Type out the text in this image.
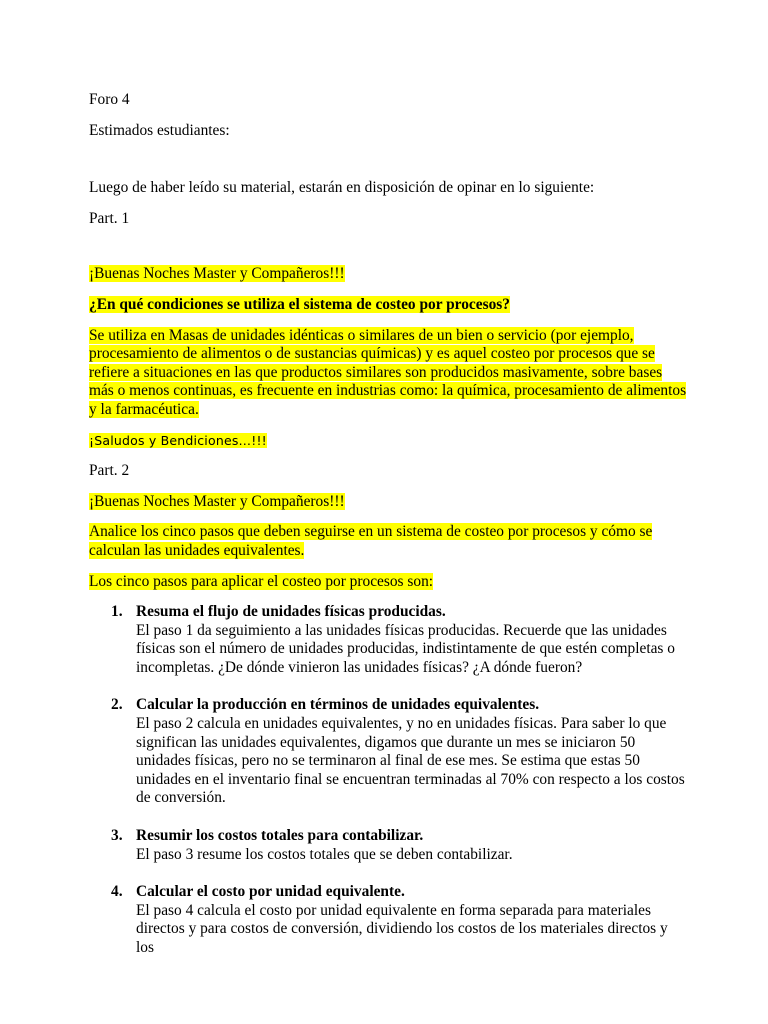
Foro 4

Estimados estudiantes:

Luego de haber leído su material, estarán en disposición de opinar en lo siguiente:

Part. 1

¡Buenas Noches Master y Compañeros!!!

¿En qué condiciones se utiliza el sistema de costeo por procesos?

Se utiliza en Masas de unidades idénticas o similares de un bien o servicio (por ejemplo, procesamiento de alimentos o de sustancias químicas) y es aquel costeo por procesos que se refiere a situaciones en las que productos similares son producidos masivamente, sobre bases más o menos continuas, es frecuente en industrias como: la química, procesamiento de alimentos y la farmacéutica.

¡Saludos y Bendiciones…!!!

Part. 2

¡Buenas Noches Master y Compañeros!!!

Analice los cinco pasos que deben seguirse en un sistema de costeo por procesos y cómo se calculan las unidades equivalentes.

Los cinco pasos para aplicar el costeo por procesos son:

1. Resuma el flujo de unidades físicas producidas.
El paso 1 da seguimiento a las unidades físicas producidas. Recuerde que las unidades físicas son el número de unidades producidas, indistintamente de que estén completas o incompletas. ¿De dónde vinieron las unidades físicas? ¿A dónde fueron?
2. Calcular la producción en términos de unidades equivalentes.
El paso 2 calcula en unidades equivalentes, y no en unidades físicas. Para saber lo que significan las unidades equivalentes, digamos que durante un mes se iniciaron 50 unidades físicas, pero no se terminaron al final de ese mes. Se estima que estas 50 unidades en el inventario final se encuentran terminadas al 70% con respecto a los costos de conversión.
3. Resumir los costos totales para contabilizar.
El paso 3 resume los costos totales que se deben contabilizar.
4. Calcular el costo por unidad equivalente.
El paso 4 calcula el costo por unidad equivalente en forma separada para materiales directos y para costos de conversión, dividiendo los costos de los materiales directos y los
